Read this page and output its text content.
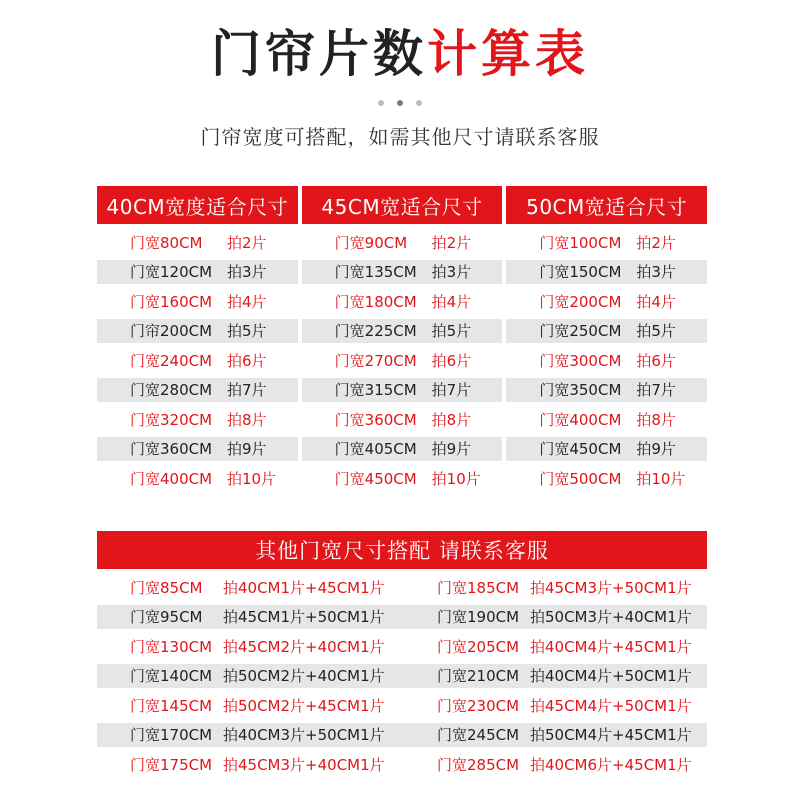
门帘片数计算表
门帘宽度可搭配，如需其他尺寸请联系客服
40CM宽度适合尺寸	45CM宽适合尺寸	50CM宽适合尺寸
门宽80CM	拍2片	门宽90CM	拍2片	门宽100CM 拍2片
门宽120CM 拍3片	门宽135CM 拍3片	门宽150CM 拍3片
门宽160CM 拍4片	门宽180CM 拍4片	门宽200CM 拍4片
门帘200CM 拍5片	门宽225CM 拍5片	门宽250CM 拍5片
门宽240CM 拍6片	门宽270CM 拍6片	门宽300CM 拍6片
门宽280CM 拍7片	门宽315CM 拍7片	门宽350CM 拍7片
门宽320CM 拍8片	门宽360CM 拍8片	门宽400CM 拍8片
门宽360CM 拍9片	门宽405CM 拍9片	门宽450CM 拍9片
门宽400CM 拍10片	门宽450CM 拍10片	门宽500CM 拍10片
其他门宽尺寸搭配 请联系客服
门宽85CM	拍40CM1片+45CM1片	门宽185CM 拍45CM3片+50CM1片
门宽95CM	拍45CM1片+50CM1片	门宽190CM 拍50CM3片+40CM1片
门宽130CM 拍45CM2片+40CM1片	门宽205CM 拍40CM4片+45CM1片
门宽140CM 拍50CM2片+40CM1片	门宽210CM 拍40CM4片+50CM1片
门宽145CM 拍50CM2片+45CM1片	门宽230CM 拍45CM4片+50CM1片
门宽170CM 拍40CM3片+50CM1片	门宽245CM 拍50CM4片+45CM1片
门宽175CM 拍45CM3片+40CM1片	门宽285CM 拍40CM6片+45CM1片
